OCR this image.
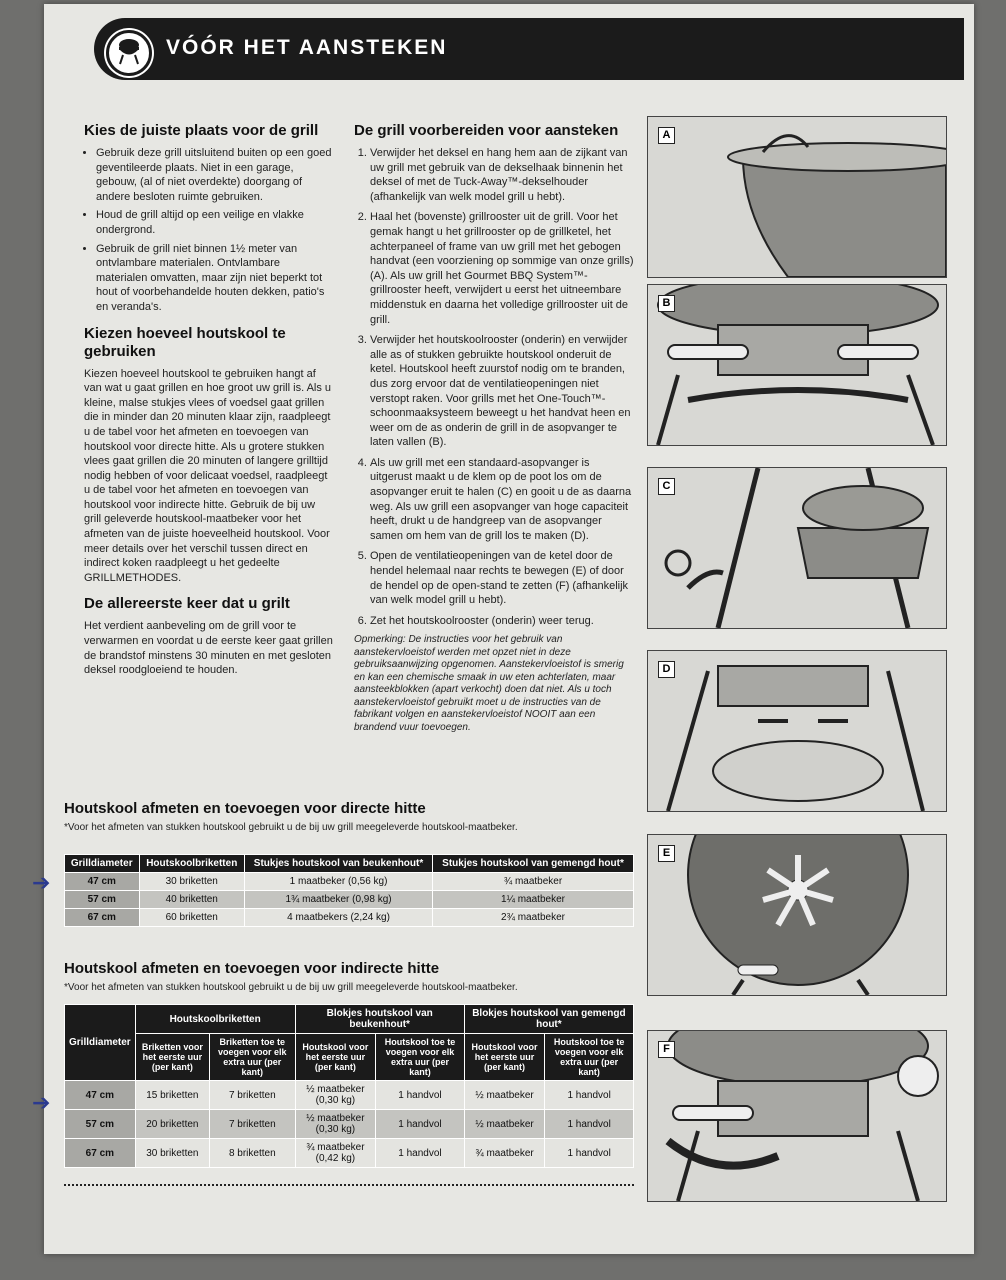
VÓÓR HET AANSTEKEN
Kies de juiste plaats voor de grill
• Gebruik deze grill uitsluitend buiten op een goed geventileerde plaats. Niet in een garage, gebouw, (al of niet overdekte) doorgang of andere besloten ruimte gebruiken.
• Houd de grill altijd op een veilige en vlakke ondergrond.
• Gebruik de grill niet binnen 1½ meter van ontvlambare materialen. Ontvlambare materialen omvatten, maar zijn niet beperkt tot hout of voorbehandelde houten dekken, patio's en veranda's.
Kiezen hoeveel houtskool te gebruiken

Kiezen hoeveel houtskool te gebruiken hangt af van wat u gaat grillen en hoe groot uw grill is. Als u kleine, malse stukjes vlees of voedsel gaat grillen die in minder dan 20 minuten klaar zijn, raadpleegt u de tabel voor het afmeten en toevoegen van houtskool voor directe hitte. Als u grotere stukken vlees gaat grillen die 20 minuten of langere grilltijd nodig hebben of voor delicaat voedsel, raadpleegt u de tabel voor het afmeten en toevoegen van houtskool voor indirecte hitte. Gebruik de bij uw grill geleverde houtskool-maatbeker voor het afmeten van de juiste hoeveelheid houtskool. Voor meer details over het verschil tussen direct en indirect koken raadpleegt u het gedeelte GRILLMETHODES.

De allereerste keer dat u grilt

Het verdient aanbeveling om de grill voor te verwarmen en voordat u de eerste keer gaat grillen de brandstof minstens 30 minuten en met gesloten deksel roodgloeiend te houden.

De grill voorbereiden voor aansteken
1. Verwijder het deksel en hang hem aan de zijkant van uw grill met gebruik van de dekselhaak binnenin het deksel of met de Tuck-Away™-dekselhouder (afhankelijk van welk model grill u hebt).
2. Haal het (bovenste) grillrooster uit de grill. Voor het gemak hangt u het grillrooster op de grillketel, het achterpaneel of frame van uw grill met het gebogen handvat (een voorziening op sommige van onze grills) (A). Als uw grill het Gourmet BBQ System™-grillrooster heeft, verwijdert u eerst het uitneembare middenstuk en daarna het volledige grillrooster uit de grill.
3. Verwijder het houtskoolrooster (onderin) en verwijder alle as of stukken gebruikte houtskool onderuit de ketel. Houtskool heeft zuurstof nodig om te branden, dus zorg ervoor dat de ventilatieopeningen niet verstopt raken. Voor grills met het One-Touch™-schoonmaaksysteem beweegt u het handvat heen en weer om de as onderin de grill in de asopvanger te laten vallen (B).
4. Als uw grill met een standaard-asopvanger is uitgerust maakt u de klem op de poot los om de asopvanger eruit te halen (C) en gooit u de as daarna weg. Als uw grill een asopvanger van hoge capaciteit heeft, drukt u de handgreep van de asopvanger samen om hem van de grill los te maken (D).
5. Open de ventilatieopeningen van de ketel door de hendel helemaal naar rechts te bewegen (E) of door de hendel op de open-stand te zetten (F) (afhankelijk van welk model grill u hebt).
6. Zet het houtskoolrooster (onderin) weer terug.

Opmerking: De instructies voor het gebruik van aanstekervloeistof werden met opzet niet in deze gebruiksaanwijzing opgenomen. Aanstekervloeistof is smerig en kan een chemische smaak in uw eten achterlaten, maar aansteekblokken (apart verkocht) doen dat niet. Als u toch aanstekervloeistof gebruikt moet u de instructies van de fabrikant volgen en aanstekervloeistof NOOIT aan een brandend vuur toevoegen.

A
B
C
D
E
F
Houtskool afmeten en toevoegen voor directe hitte
*Voor het afmeten van stukken houtskool gebruikt u de bij uw grill meegeleverde houtskool-maatbeker.
Grilldiameter	Houtskoolbriketten	Stukjes houtskool van beukenhout*	Stukjes houtskool van gemengd hout*
47 cm	30 briketten	1 maatbeker (0,56 kg)	¾ maatbeker
57 cm	40 briketten	1¾ maatbeker (0,98 kg)	1¼ maatbeker
67 cm	60 briketten	4 maatbekers (2,24 kg)	2¾ maatbeker
➔
Houtskool afmeten en toevoegen voor indirecte hitte
*Voor het afmeten van stukken houtskool gebruikt u de bij uw grill meegeleverde houtskool-maatbeker.
Grilldiameter	Houtskoolbriketten		Blokjes houtskool van beukenhout*		Blokjes houtskool van gemengd hout*	
	Briketten voor het eerste uur (per kant)	Briketten toe te voegen voor elk extra uur (per kant)	Houtskool voor het eerste uur (per kant)	Houtskool toe te voegen voor elk extra uur (per kant)	Houtskool voor het eerste uur (per kant)	Houtskool toe te voegen voor elk extra uur (per kant)
47 cm	15 briketten	7 briketten	½ maatbeker (0,30 kg)	1 handvol	½ maatbeker	1 handvol
57 cm	20 briketten	7 briketten	½ maatbeker (0,30 kg)	1 handvol	½ maatbeker	1 handvol
67 cm	30 briketten	8 briketten	¾ maatbeker (0,42 kg)	1 handvol	¾ maatbeker	1 handvol
➔
